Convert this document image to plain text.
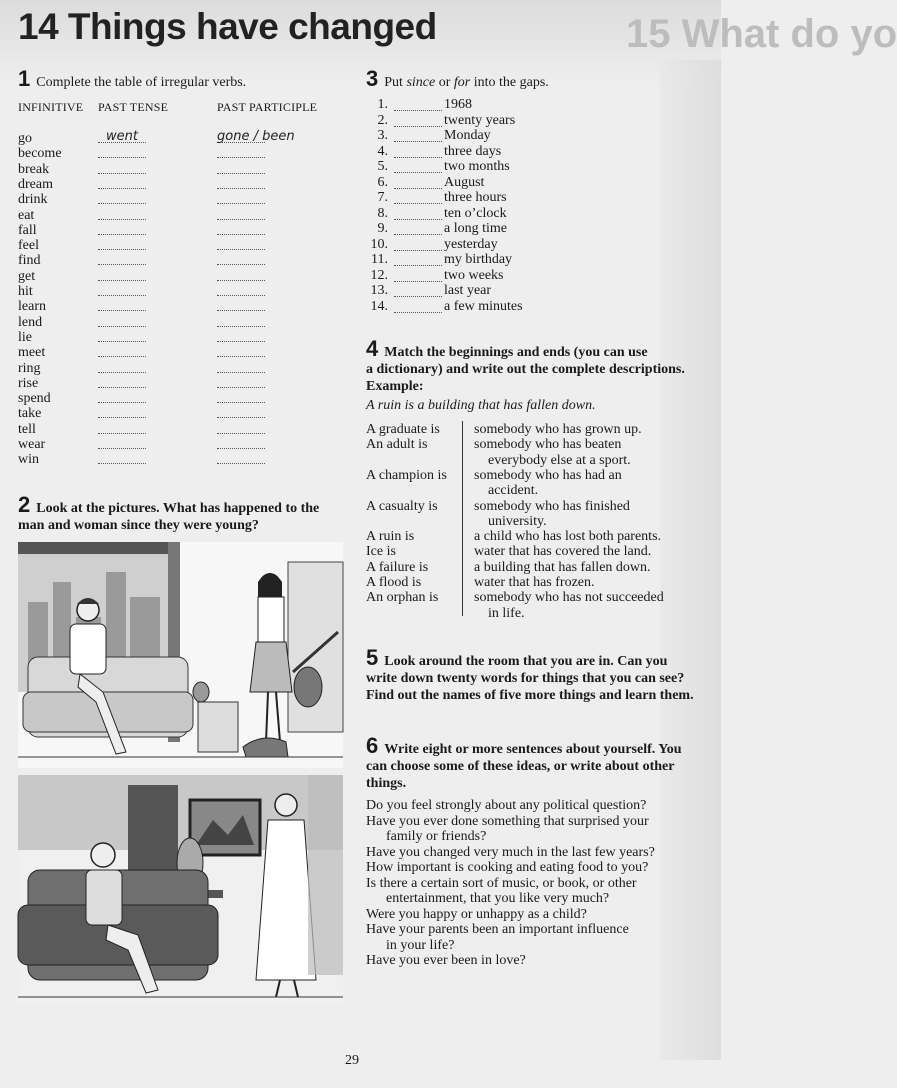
15 What do yo
14 Things have changed
1 Complete the table of irregular verbs.
INFINITIVE PAST TENSE	PAST PARTICIPLE
go	went	gone / been
become
break
dream
drink
eat
fall
feel
find
get
hit
learn
lend
lie
meet
ring
rise
spend
take
tell
wear
win
2 Look at the pictures. What has happened to the man and woman since they were young?
3 Put since or for into the gaps.
1.	1968
2.	twenty years
3.	Monday
4.	three days
5.	two months
6.	August
7.	three hours
8.	ten o’clock
9.	a long time
10.	yesterday
11.	my birthday
12.	two weeks
13.	last year
14.	a few minutes
4 Match the beginnings and ends (you can use
a dictionary) and write out the complete descriptions.
Example:
A ruin is a building that has fallen down.
A graduate is	somebody who has grown up.
An adult is	somebody who has beaten
everybody else at a sport.
A champion is	somebody who has had an
accident.
A casualty is	somebody who has finished
university.
A ruin is	a child who has lost both parents.
Ice is	water that has covered the land.
A failure is	a building that has fallen down.
A flood is	water that has frozen.
An orphan is	somebody who has not succeeded
in life.
5 Look around the room that you are in. Can you write down twenty words for things that you can see? Find out the names of five more things and learn them.
6 Write eight or more sentences about yourself. You can choose some of these ideas, or write about other things.
Do you feel strongly about any political question?
Have you ever done something that surprised your
family or friends?
Have you changed very much in the last few years?
How important is cooking and eating food to you?
Is there a certain sort of music, or book, or other
entertainment, that you like very much?
Were you happy or unhappy as a child?
Have your parents been an important influence
in your life?
Have you ever been in love?
29
